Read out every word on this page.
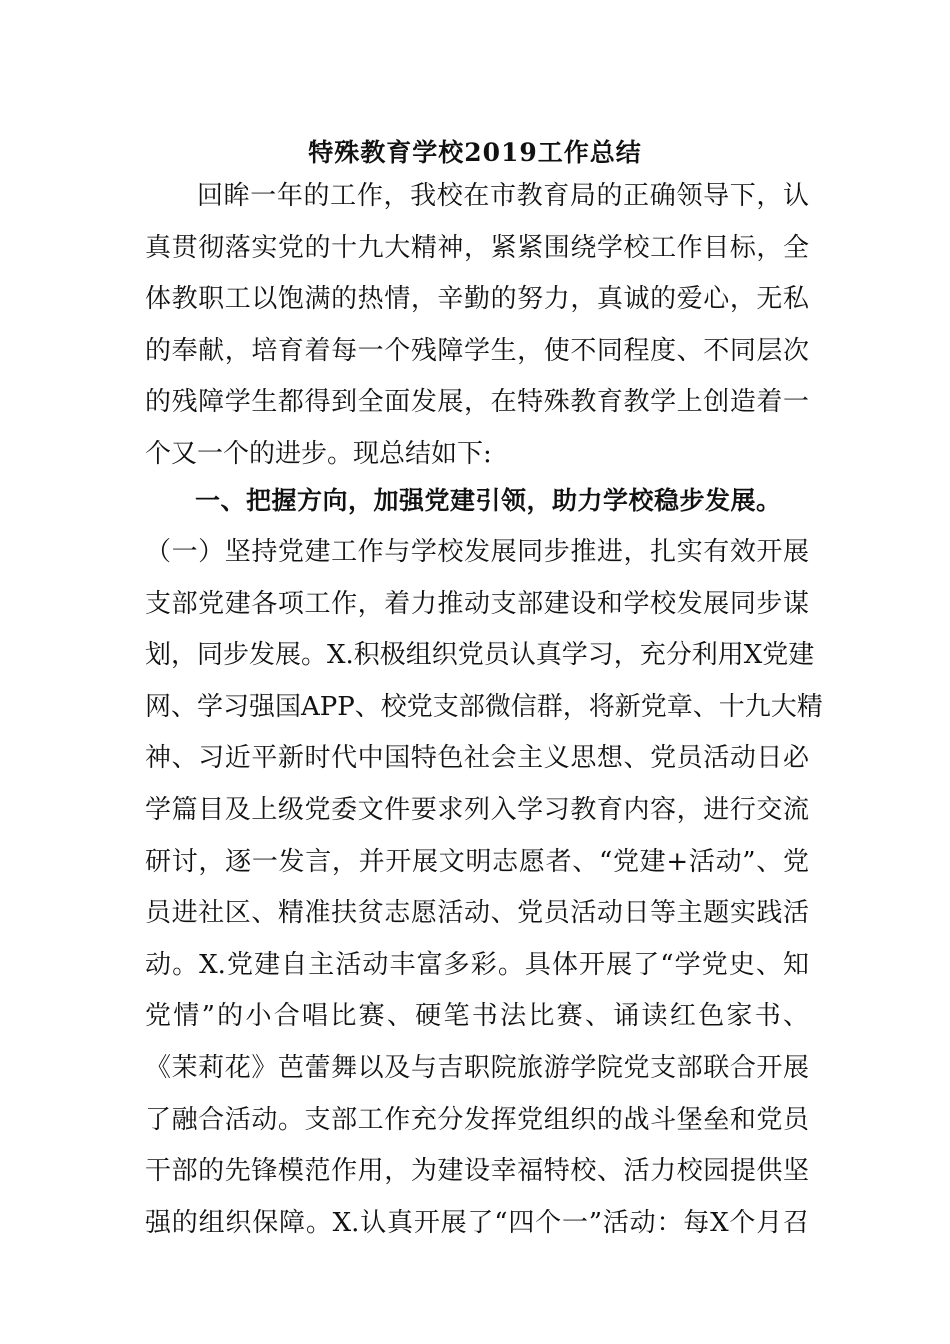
特殊教育学校2019工作总结
回眸一年的工作，我校在市教育局的正确领导下，认
真贯彻落实党的十九大精神，紧紧围绕学校工作目标，全
体教职工以饱满的热情，辛勤的努力，真诚的爱心，无私
的奉献，培育着每一个残障学生，使不同程度、不同层次
的残障学生都得到全面发展，在特殊教育教学上创造着一
个又一个的进步。现总结如下:
一、把握方向，加强党建引领，助力学校稳步发展。
（一）坚持党建工作与学校发展同步推进，扎实有效开展
支部党建各项工作，着力推动支部建设和学校发展同步谋
划，同步发展。X.积极组织党员认真学习，充分利用X党建
网、学习强国APP、校党支部微信群，将新党章、十九大精
神、习近平新时代中国特色社会主义思想、党员活动日必
学篇目及上级党委文件要求列入学习教育内容，进行交流
研讨，逐一发言，并开展文明志愿者、“党建+活动”、党
员进社区、精准扶贫志愿活动、党员活动日等主题实践活
动。X.党建自主活动丰富多彩。具体开展了“学党史、知
党情”的小合唱比赛、硬笔书法比赛、诵读红色家书、
《茉莉花》芭蕾舞以及与吉职院旅游学院党支部联合开展
了融合活动。支部工作充分发挥党组织的战斗堡垒和党员
干部的先锋模范作用，为建设幸福特校、活力校园提供坚
强的组织保障。X.认真开展了“四个一”活动：每X个月召
